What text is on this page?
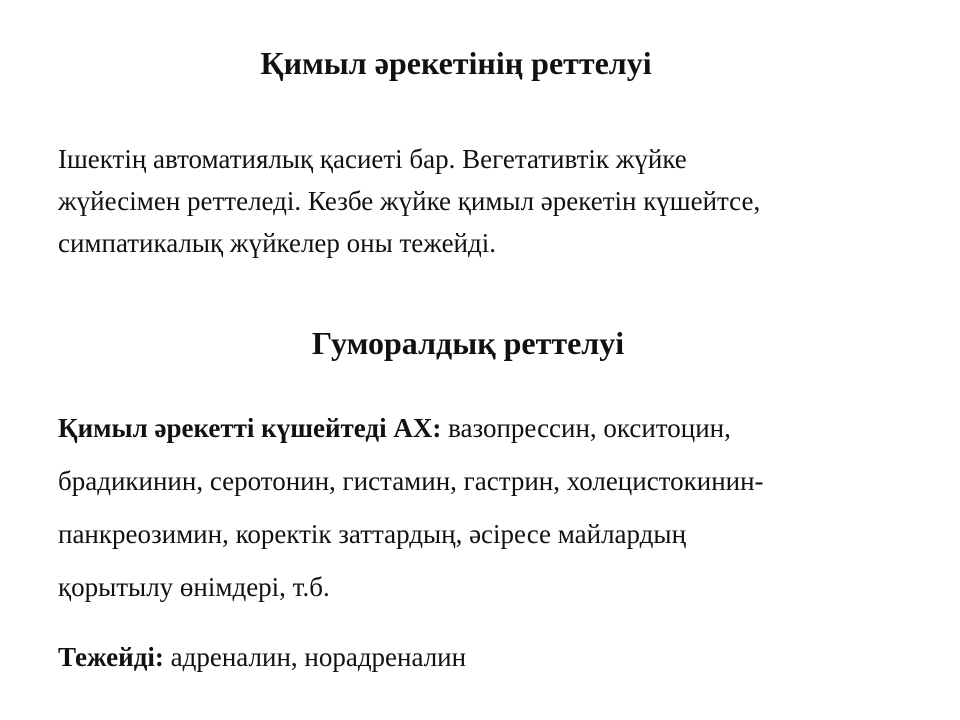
Қимыл әрекетінің реттелуі

Ішектің автоматиялық қасиеті бар. Вегетативтік жүйке
жүйесімен реттеледі. Кезбе жүйке қимыл әрекетін күшейтсе,
симпатикалық жүйкелер оны тежейді.

Гуморалдық реттелуі

Қимыл әрекетті күшейтеді АХ: вазопрессин, окситоцин,
брадикинин, серотонин, гистамин, гастрин, холецистокинин-
панкреозимин, коректік заттардың, әсіресе майлардың
қорытылу өнімдері, т.б.

Тежейді: адреналин, норадреналин
